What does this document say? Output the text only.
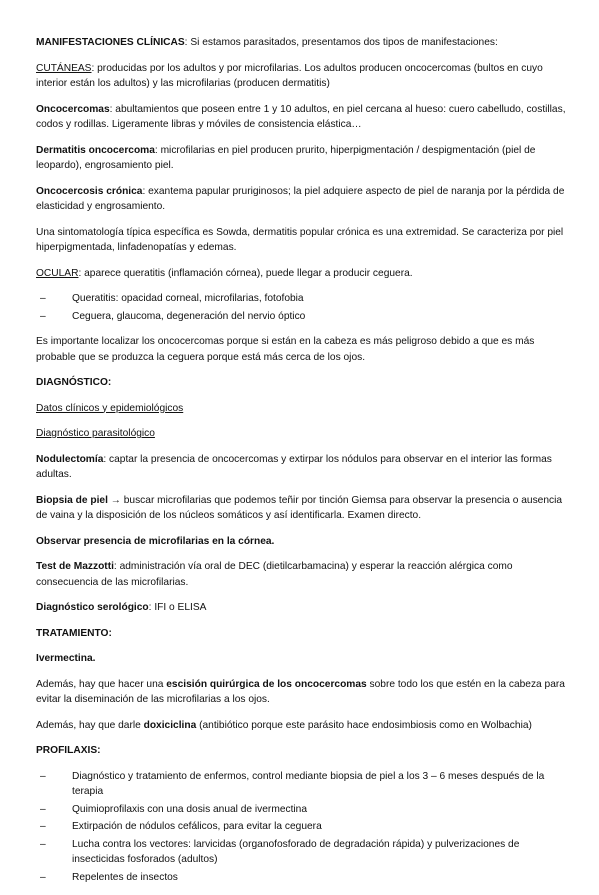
MANIFESTACIONES CLÍNICAS: Si estamos parasitados, presentamos dos tipos de manifestaciones:

CUTÁNEAS: producidas por los adultos y por microfilarias. Los adultos producen oncocercomas (bultos en cuyo interior están los adultos) y las microfilarias (producen dermatitis)

Oncocercomas: abultamientos que poseen entre 1 y 10 adultos, en piel cercana al hueso: cuero cabelludo, costillas, codos y rodillas. Ligeramente libras y móviles de consistencia elástica…

Dermatitis oncocercoma: microfilarias en piel producen prurito, hiperpigmentación / despigmentación (piel de leopardo), engrosamiento piel.

Oncocercosis crónica: exantema papular pruriginosos; la piel adquiere aspecto de piel de naranja por la pérdida de elasticidad y engrosamiento.

Una sintomatología típica específica es Sowda, dermatitis popular crónica es una extremidad. Se caracteriza por piel hiperpigmentada, linfadenopatías y edemas.

OCULAR: aparece queratitis (inflamación córnea), puede llegar a producir ceguera.

–	Queratitis: opacidad corneal, microfilarias, fotofobia
–	Ceguera, glaucoma, degeneración del nervio óptico

Es importante localizar los oncocercomas porque si están en la cabeza es más peligroso debido a que es más probable que se produzca la ceguera porque está más cerca de los ojos.

DIAGNÓSTICO:

Datos clínicos y epidemiológicos

Diagnóstico parasitológico

Nodulectomía: captar la presencia de oncocercomas y extirpar los nódulos para observar en el interior las formas adultas.

Biopsia de piel → buscar microfilarias que podemos teñir por tinción Giemsa para observar la presencia o ausencia de vaina y la disposición de los núcleos somáticos y así identificarla. Examen directo.

Observar presencia de microfilarias en la córnea.

Test de Mazzotti: administración vía oral de DEC (dietilcarbamacina) y esperar la reacción alérgica como consecuencia de las microfilarias.

Diagnóstico serológico: IFI o ELISA

TRATAMIENTO:

Ivermectina.

Además, hay que hacer una escisión quirúrgica de los oncocercomas sobre todo los que estén en la cabeza para evitar la diseminación de las microfilarias a los ojos.

Además, hay que darle doxiciclina (antibiótico porque este parásito hace endosimbiosis como en Wolbachia)

PROFILAXIS:

–	Diagnóstico y tratamiento de enfermos, control mediante biopsia de piel a los 3 – 6 meses después de la terapia
–	Quimioprofilaxis con una dosis anual de ivermectina
–	Extirpación de nódulos cefálicos, para evitar la ceguera
–	Lucha contra los vectores: larvicidas (organofosforado de degradación rápida) y pulverizaciones de insecticidas fosforados (adultos)
–	Repelentes de insectos
